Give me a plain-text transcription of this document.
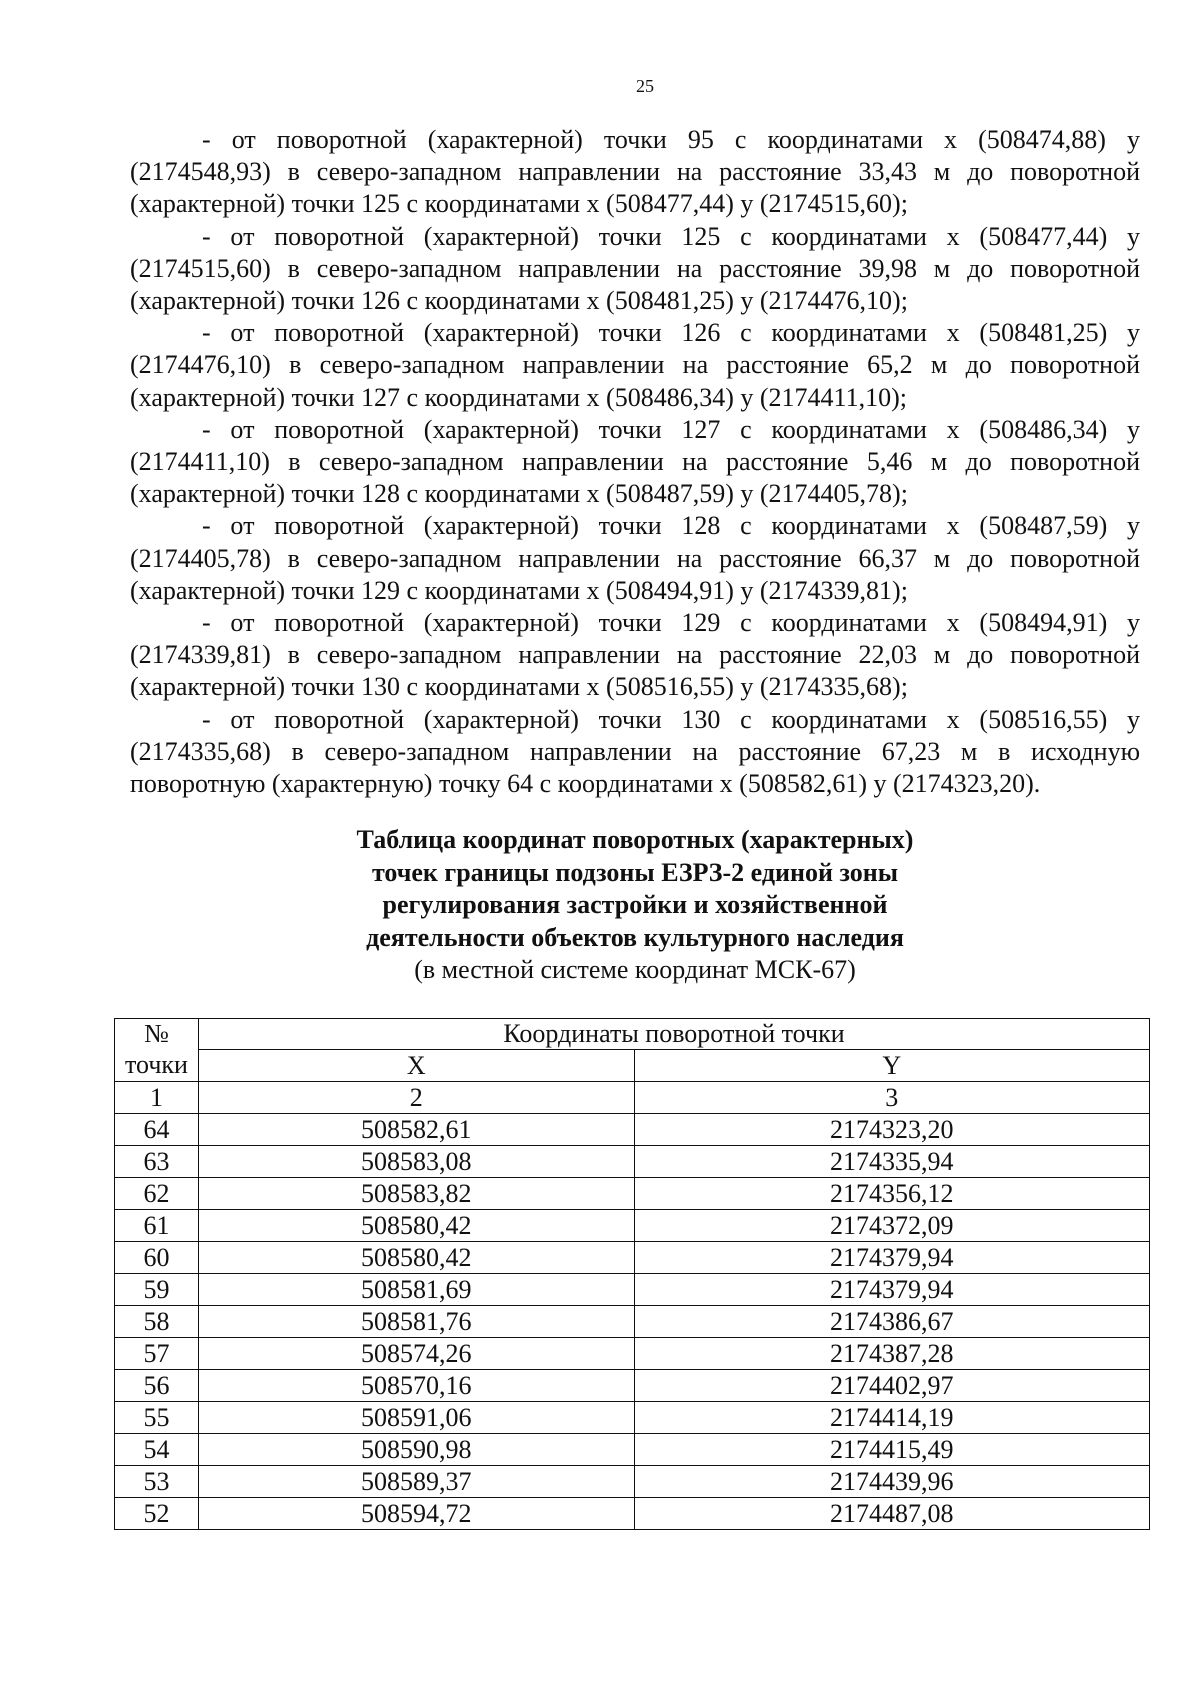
25

- от поворотной (характерной) точки 95 с координатами x (508474,88) y (2174548,93) в северо-западном направлении на расстояние 33,43 м до поворотной (характерной) точки 125 с координатами x (508477,44) y (2174515,60);

- от поворотной (характерной) точки 125 с координатами x (508477,44) y (2174515,60) в северо-западном направлении на расстояние 39,98 м до поворотной (характерной) точки 126 с координатами x (508481,25) y (2174476,10);

- от поворотной (характерной) точки 126 с координатами x (508481,25) y (2174476,10) в северо-западном направлении на расстояние 65,2 м до поворотной (характерной) точки 127 с координатами x (508486,34) y (2174411,10);

- от поворотной (характерной) точки 127 с координатами x (508486,34) y (2174411,10) в северо-западном направлении на расстояние 5,46 м до поворотной (характерной) точки 128 с координатами x (508487,59) y (2174405,78);

- от поворотной (характерной) точки 128 с координатами x (508487,59) y (2174405,78) в северо-западном направлении на расстояние 66,37 м до поворотной (характерной) точки 129 с координатами x (508494,91) y (2174339,81);

- от поворотной (характерной) точки 129 с координатами x (508494,91) y (2174339,81) в северо-западном направлении на расстояние 22,03 м до поворотной (характерной) точки 130 с координатами x (508516,55) y (2174335,68);

- от поворотной (характерной) точки 130 с координатами x (508516,55) y (2174335,68) в северо-западном направлении на расстояние 67,23 м в исходную поворотную (характерную) точку 64 с координатами x (508582,61) y (2174323,20).

Таблица координат поворотных (характерных)
точек границы подзоны ЕЗРЗ-2 единой зоны
регулирования застройки и хозяйственной
деятельности объектов культурного наследия
(в местной системе координат МСК-67)
№	Координаты поворотной точки	
точки	X	Y
1	2	3
64	508582,61	2174323,20
63	508583,08	2174335,94
62	508583,82	2174356,12
61	508580,42	2174372,09
60	508580,42	2174379,94
59	508581,69	2174379,94
58	508581,76	2174386,67
57	508574,26	2174387,28
56	508570,16	2174402,97
55	508591,06	2174414,19
54	508590,98	2174415,49
53	508589,37	2174439,96
52	508594,72	2174487,08
